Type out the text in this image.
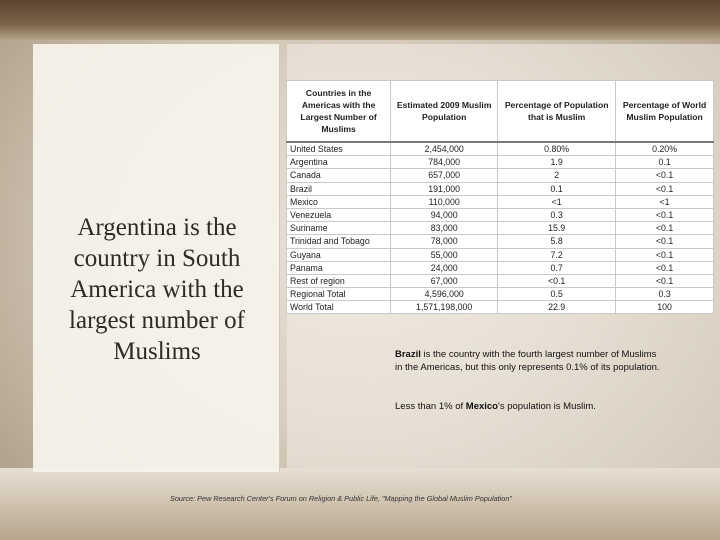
Argentina is the country in South America with the largest number of Muslims
Countries in the Americas with the Largest Number of Muslims	Estimated 2009 Muslim Population	Percentage of Population that is Muslim	Percentage of World Muslim Population
United States	2,454,000	0.80%	0.20%
Argentina	784,000	1.9	0.1
Canada	657,000	2	<0.1
Brazil	191,000	0.1	<0.1
Mexico	110,000	<1	<1
Venezuela	94,000	0.3	<0.1
Suriname	83,000	15.9	<0.1
Trinidad and Tobago	78,000	5.8	<0.1
Guyana	55,000	7.2	<0.1
Panama	24,000	0.7	<0.1
Rest of region	67,000	<0.1	<0.1
Regional Total	4,596,000	0.5	0.3
World Total	1,571,198,000	22.9	100
Brazil is the country with the fourth largest number of Muslims in the Americas, but this only represents 0.1% of its population.
Less than 1% of Mexico's population is Muslim.
Source: Pew Research Center's Forum on Religion & Public Life, "Mapping the Global Muslim Population"
